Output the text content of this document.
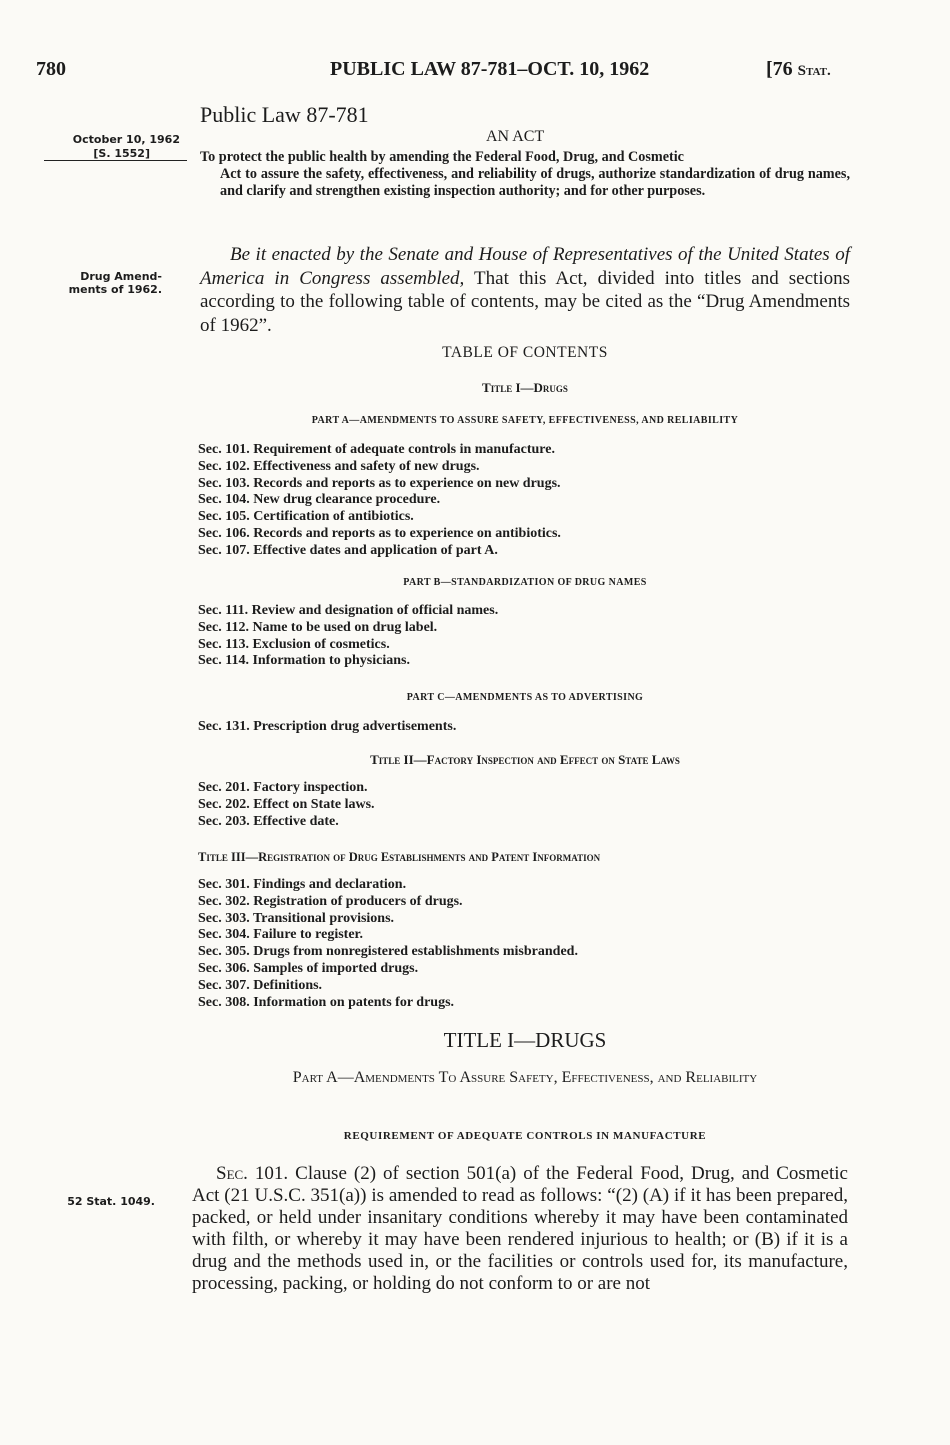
780	PUBLIC LAW 87-781–OCT. 10, 1962	[76 Stat.
Public Law 87-781
October 10, 1962
[S. 1552]
AN ACT
To protect the public health by amending the Federal Food, Drug, and Cosmetic

Act to assure the safety, effectiveness, and reliability of drugs, authorize standardization of drug names, and clarify and strengthen existing inspection authority; and for other purposes.
Drug Amend-
ments of 1962.
Be it enacted by the Senate and House of Representatives of the United States of America in Congress assembled, That this Act, divided into titles and sections according to the following table of contents, may be cited as the “Drug Amendments of 1962”.
TABLE OF CONTENTS
Title I—Drugs
PART A—AMENDMENTS TO ASSURE SAFETY, EFFECTIVENESS, AND RELIABILITY
Sec. 101. Requirement of adequate controls in manufacture.
Sec. 102. Effectiveness and safety of new drugs.
Sec. 103. Records and reports as to experience on new drugs.
Sec. 104. New drug clearance procedure.
Sec. 105. Certification of antibiotics.
Sec. 106. Records and reports as to experience on antibiotics.
Sec. 107. Effective dates and application of part A.
PART B—STANDARDIZATION OF DRUG NAMES
Sec. 111. Review and designation of official names.
Sec. 112. Name to be used on drug label.
Sec. 113. Exclusion of cosmetics.
Sec. 114. Information to physicians.
PART C—AMENDMENTS AS TO ADVERTISING
Sec. 131. Prescription drug advertisements.
Title II—Factory Inspection and Effect on State Laws
Sec. 201. Factory inspection.
Sec. 202. Effect on State laws.
Sec. 203. Effective date.
Title III—Registration of Drug Establishments and Patent Information
Sec. 301. Findings and declaration.
Sec. 302. Registration of producers of drugs.
Sec. 303. Transitional provisions.
Sec. 304. Failure to register.
Sec. 305. Drugs from nonregistered establishments misbranded.
Sec. 306. Samples of imported drugs.
Sec. 307. Definitions.
Sec. 308. Information on patents for drugs.
TITLE I—DRUGS
Part A—Amendments To Assure Safety, Effectiveness, and Reliability
REQUIREMENT OF ADEQUATE CONTROLS IN MANUFACTURE
52 Stat. 1049.
Sec. 101. Clause (2) of section 501(a) of the Federal Food, Drug, and Cosmetic Act (21 U.S.C. 351(a)) is amended to read as follows: “(2) (A) if it has been prepared, packed, or held under insanitary conditions whereby it may have been contaminated with filth, or whereby it may have been rendered injurious to health; or (B) if it is a drug and the methods used in, or the facilities or controls used for, its manufacture, processing, packing, or holding do not conform to or are not
